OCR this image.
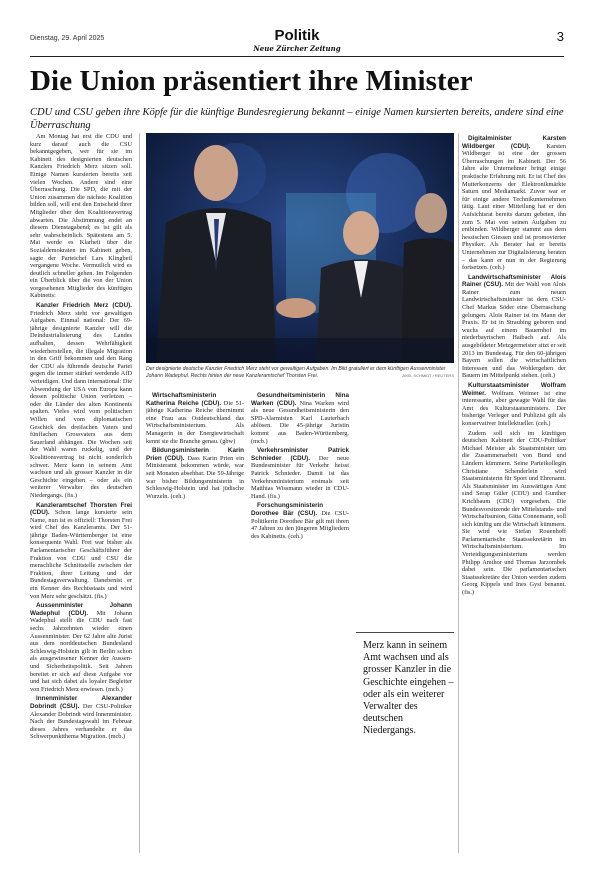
Dienstag, 29. April 2025	Politik
Neue Zürcher Zeitung
3
Die Union präsentiert ihre Minister
CDU und CSU geben ihre Köpfe für die künftige Bundesregierung bekannt – einige Namen kursierten bereits, andere sind eine Überraschung

Am Montag hat erst die CDU und kurz darauf auch die CSU bekanntgegeben, wer für sie im Kabinett des designierten deutschen Kanzlers Friedrich Merz sitzen soll. Einige Namen kursierten bereits seit vielen Wochen. Andere sind eine Überraschung. Die SPD, die mit der Union zusammen die nächste Koalition bilden soll, will erst den Entscheid ihrer Mitglieder über den Koalitionsvertrag abwarten. Die Abstimmung endet an diesem Dienstagabend; es ist gilt als sehr wahrscheinlich. Spätestens am 5. Mai werde es Klarheit über die Sozialdemokraten im Kabinett geben, sagte der Parteichef Lars Klingbeil vergangene Woche. Vermutlich wird es deutlich schneller gehen. Im Folgenden ein Überblick über die von der Union vorgesehenen Mitglieder des künftigen Kabinetts:

Kanzler Friedrich Merz (CDU). Friedrich Merz steht vor gewaltigen Aufgaben. Einmal national: Der 69-jährige designierte Kanzler will die Deindustrialisierung des Landes aufhalten, dessen Wehrfähigkeit wiederherstellen, die illegale Migration in den Griff bekommen und den Rang der CDU als führende deutsche Partei gegen die immer stärker werdende AfD verteidigen. Und dann international: Die Abwendung der USA von Europa kann dessen politische Union verletzen – oder die Länder des alten Kontinents spalten. Vieles wird vom politischen Willen und vom diplomatischen Geschick des dreifachen Vaters und fünffachen Grossvaters aus dem Sauerland abhängen. Die Wochen seit der Wahl waren ruckelig, und der Koalitionsvertrag ist nicht sonderlich schwer. Merz kann in seinem Amt wachsen und als grosser Kanzler in die Geschichte eingehen – oder als ein weiterer Verwalter des deutschen Niedergangs. (fis.)

Kanzleramtschef Thorsten Frei (CDU). Schon lange kursierte sein Name, nun ist es offiziell: Thorsten Frei wird Chef des Kanzleramts. Der 51-jährige Baden-Württemberger ist eine konsequente Wahl. Frei war bisher als Parlamentarischer Geschäftsführer der Fraktion von CDU und CSU die menschliche Schnittstelle zwischen der Fraktion, ihrer Leitung und der Bundestagsverwaltung. Danebenist er ein Kenner des Rechtsstaats und wird von Merz sehr geschätzt. (fis.)

Aussenminister Johann Wadephul (CDU). Mit Johann Wadephul stellt die CDU nach fast sechs Jahrzehnten wieder einen Aussenminister. Der 62 Jahre alte Jurist aus dem norddeutschen Bundesland Schleswig-Holstein gilt in Berlin schon als ausgewiesener Kenner der Aussen- und Sicherheitspolitik. Seit Jahren bereitet er sich auf diese Aufgabe vor und hat sich dabei als loyaler Begleiter von Friedrich Merz erwiesen. (mcb.)

Innenminister Alexander Dobrindt (CSU). Der CSU-Politiker Alexander Dobrindt wird Innenminister. Nach der Bundestagswahl im Februar dieses Jahres verhandelte er das Schwerpunktthema Migration. (mcb.)

Der designierte deutsche Kanzler Friedrich Merz steht vor gewaltigen Aufgaben. Im Bild gratuliert er dem künftigen Aussenminister Johann Wadephul. Rechts hinten der neue Kanzleramtschef Thorsten Frei.	AXEL SCHMIDT / REUTERS

Wirtschaftsministerin Katherina Reiche (CDU). Die 51-jährige Katherina Reiche übernimmt eine Frau aus Ostdeutschland das Wirtschaftsministerium. Als Managerin in der Energiewirtschaft kennt sie die Branche genau. (gbw)

Bildungsministerin Karin Prien (CDU). Dass Karin Prien ein Ministeramt bekommen würde, war seit Monaten absehbar. Die 59-Jährige war bisher Bildungsministerin in Schleswig-Holstein und hat jüdische Wurzeln. (ceh.)

Gesundheitsministerin Nina Warken (CDU). Nina Warken wird als neue Gesundheitsministerin den SPD-Alarmisten Karl Lauterbach ablösen. Die 45-jährige Juristin kommt aus Baden-Württemberg. (mcb.)

Verkehrsminister Patrick Schnieder (CDU). Der neue Bundesminister für Verkehr heisst Patrick Schnieder. Damit ist das Verkehrsministerium erstmals seit Matthias Wissmann wieder in CDU-Hand. (fis.)

Forschungsministerin Dorothee Bär (CSU). Die CSU-Politikerin Dorothee Bär gilt mit ihren 47 Jahren zu den jüngeren Mitgliedern des Kabinetts. (ceh.)

Merz kann in seinem Amt wachsen und als grosser Kanzler in die Geschichte eingehen – oder als ein weiterer Verwalter des deutschen Niedergangs.

Digitalminister Karsten Wildberger (CDU).	Karsten Wildberger ist eine der grossen Überraschungen im Kabinett. Der 56 Jahre alte Unternehmer bringt einige praktische Erfahrung mit. Er ist Chef des Mutterkonzerns der Elektronikmärkte Saturn und Mediamarkt. Zuvor war er für einige andere Technikunternehmen tätig. Laut einer Mitteilung hat er den Aufsichtsrat bereits darum gebeten, ihn zum 5. Mai von seinen Aufgaben zu entbinden. Wildberger stammt aus dem hessischen Giessen und ist promovierter Physiker. Als Berater hat er bereits Unternehmen zur Digitalisierung beraten – das kann er nun in der Regierung fortsetzen. (ceh.)

Landwirtschaftsminister Alois Rainer (CSU). Mit der Wahl von Alois Rainer zum neuen Landwirtschaftsminister ist dem CSU-Chef Markus Söder eine Überraschung gelungen. Alois Rainer ist im Mann der Praxis. Er ist in Straubing geboren und wuchs auf einem Bauernhof im niederbayrischen Haibach auf. Als ausgebildeter Metzgermeister sitzt er seit 2013 im Bundestag. Für den 60-jährigen Bayern sollen die wirtschaftlichen Interessen und das Wohlergehen der Bauern im Mittelpunkt stehen. (ceh.)

Kulturstaatsminister Wolfram Weimer. Wolfram Weimer ist eine interessante, aber gewagte Wahl für das Amt des Kulturstaatsministers. Der bisherige Verleger und Publizist gilt als konservativer Intellektueller. (ceh.)

Zudem soll sich im künftigen deutschen Kabinett der CDU-Politiker Michael Meister als Staatsminister um die Zusammenarbeit von Bund und Ländern kümmern. Seine Parteikollegin Christiane Schenderlein wird Staatsministerin für Sport und Ehrenamt. Als Staatsminister im Auswärtigen Amt sind Serap Güler (CDU) und Gunther Krichbaum (CDU) vorgesehen. Die Bundesvorsitzende der Mittelstands- und Wirtschaftsunion, Gitta Connemann, soll sich künftig um die Wirtschaft kümmern. Sie wird wie Stefan Rouenhoff Parlamentarische Staatssekretärin im Wirtschaftsministerium. Im Verteidigungsministerium werden Philipp Amthor und Thomas Jarzombek dabei sein. Die parlamentarischen Staatssekretäre der Union werden zudem Georg Kippels und Ines Gysi benannt. (fis.)
